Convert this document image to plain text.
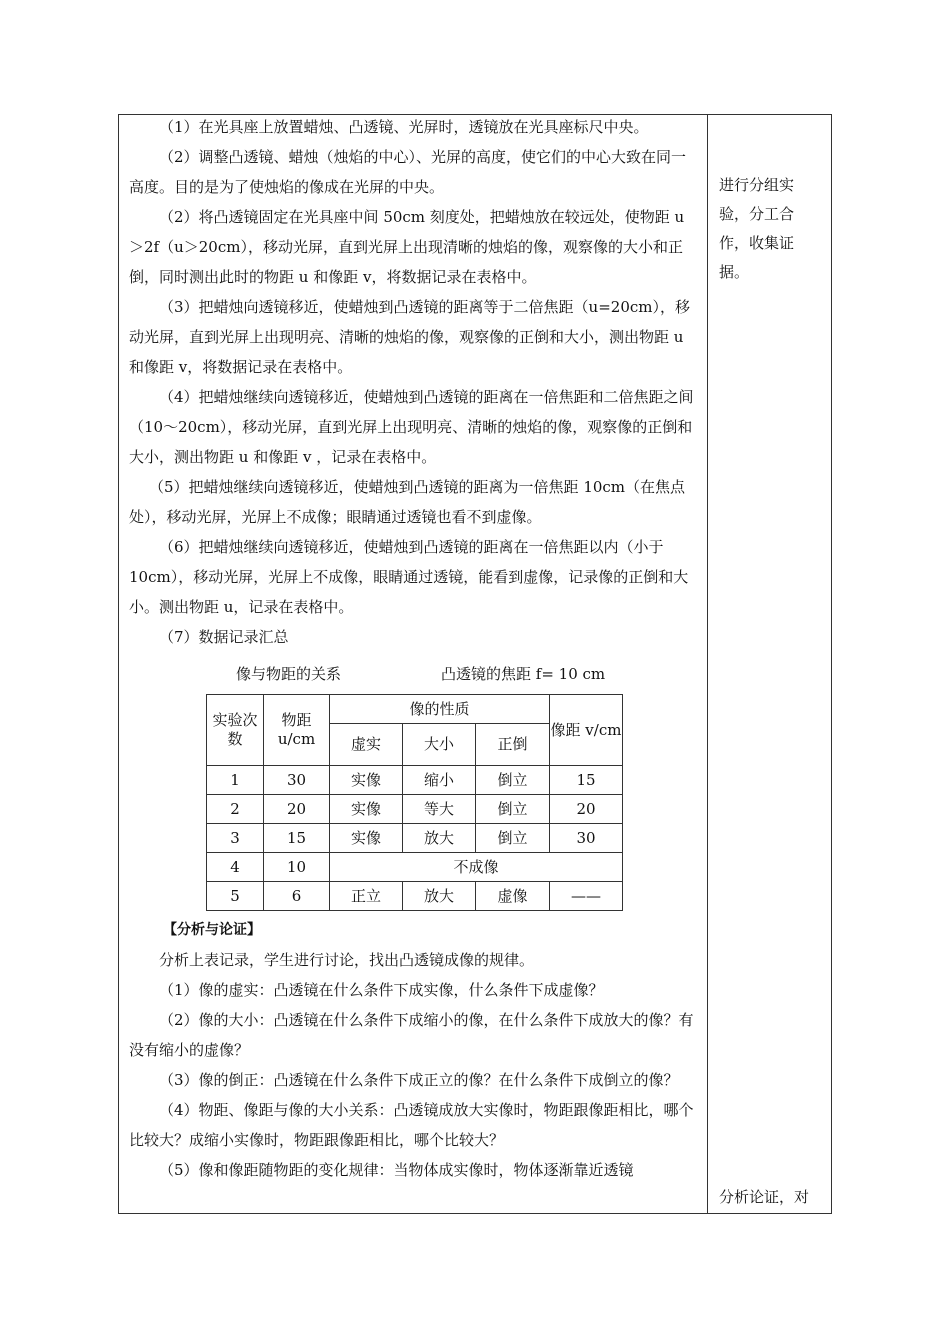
（1）在光具座上放置蜡烛、凸透镜、光屏时，透镜放在光具座标尺中央。

（2）调整凸透镜、蜡烛（烛焰的中心）、光屏的高度，使它们的中心大致在同一高度。目的是为了使烛焰的像成在光屏的中央。

（2）将凸透镜固定在光具座中间 50cm 刻度处，把蜡烛放在较远处，使物距 u＞2f（u＞20cm），移动光屏，直到光屏上出现清晰的烛焰的像，观察像的大小和正倒，同时测出此时的物距 u 和像距 v，将数据记录在表格中。

（3）把蜡烛向透镜移近，使蜡烛到凸透镜的距离等于二倍焦距（u=20cm），移动光屏，直到光屏上出现明亮、清晰的烛焰的像，观察像的正倒和大小，测出物距 u 和像距 v，将数据记录在表格中。

（4）把蜡烛继续向透镜移近，使蜡烛到凸透镜的距离在一倍焦距和二倍焦距之间（10～20cm），移动光屏，直到光屏上出现明亮、清晰的烛焰的像，观察像的正倒和大小，测出物距 u 和像距 v ，记录在表格中。

（5）把蜡烛继续向透镜移近，使蜡烛到凸透镜的距离为一倍焦距 10cm（在焦点处），移动光屏，光屏上不成像；眼睛通过透镜也看不到虚像。

（6）把蜡烛继续向透镜移近，使蜡烛到凸透镜的距离在一倍焦距以内（小于 10cm），移动光屏，光屏上不成像，眼睛通过透镜，能看到虚像，记录像的正倒和大小。测出物距 u，记录在表格中。

（7）数据记录汇总

像与物距的关系	凸透镜的焦距 f= 10 cm
实验次数	物距 u/cm	像的性质			像距 v/cm
		虚实	大小	正倒	
1	30	实像	缩小	倒立	15
2	20	实像	等大	倒立	20
3	15	实像	放大	倒立	30
4	10	不成像			
5	6	正立	放大	虚像	——

【分析与论证】

分析上表记录，学生进行讨论，找出凸透镜成像的规律。

（1）像的虚实：凸透镜在什么条件下成实像，什么条件下成虚像？

（2）像的大小：凸透镜在什么条件下成缩小的像，在什么条件下成放大的像？有没有缩小的虚像？

（3）像的倒正：凸透镜在什么条件下成正立的像？在什么条件下成倒立的像？

（4）物距、像距与像的大小关系：凸透镜成放大实像时，物距跟像距相比，哪个比较大？成缩小实像时，物距跟像距相比，哪个比较大？

（5）像和像距随物距的变化规律：当物体成实像时，物体逐渐靠近透镜

进行分组实验，分工合作，收集证据。
分析论证，对
